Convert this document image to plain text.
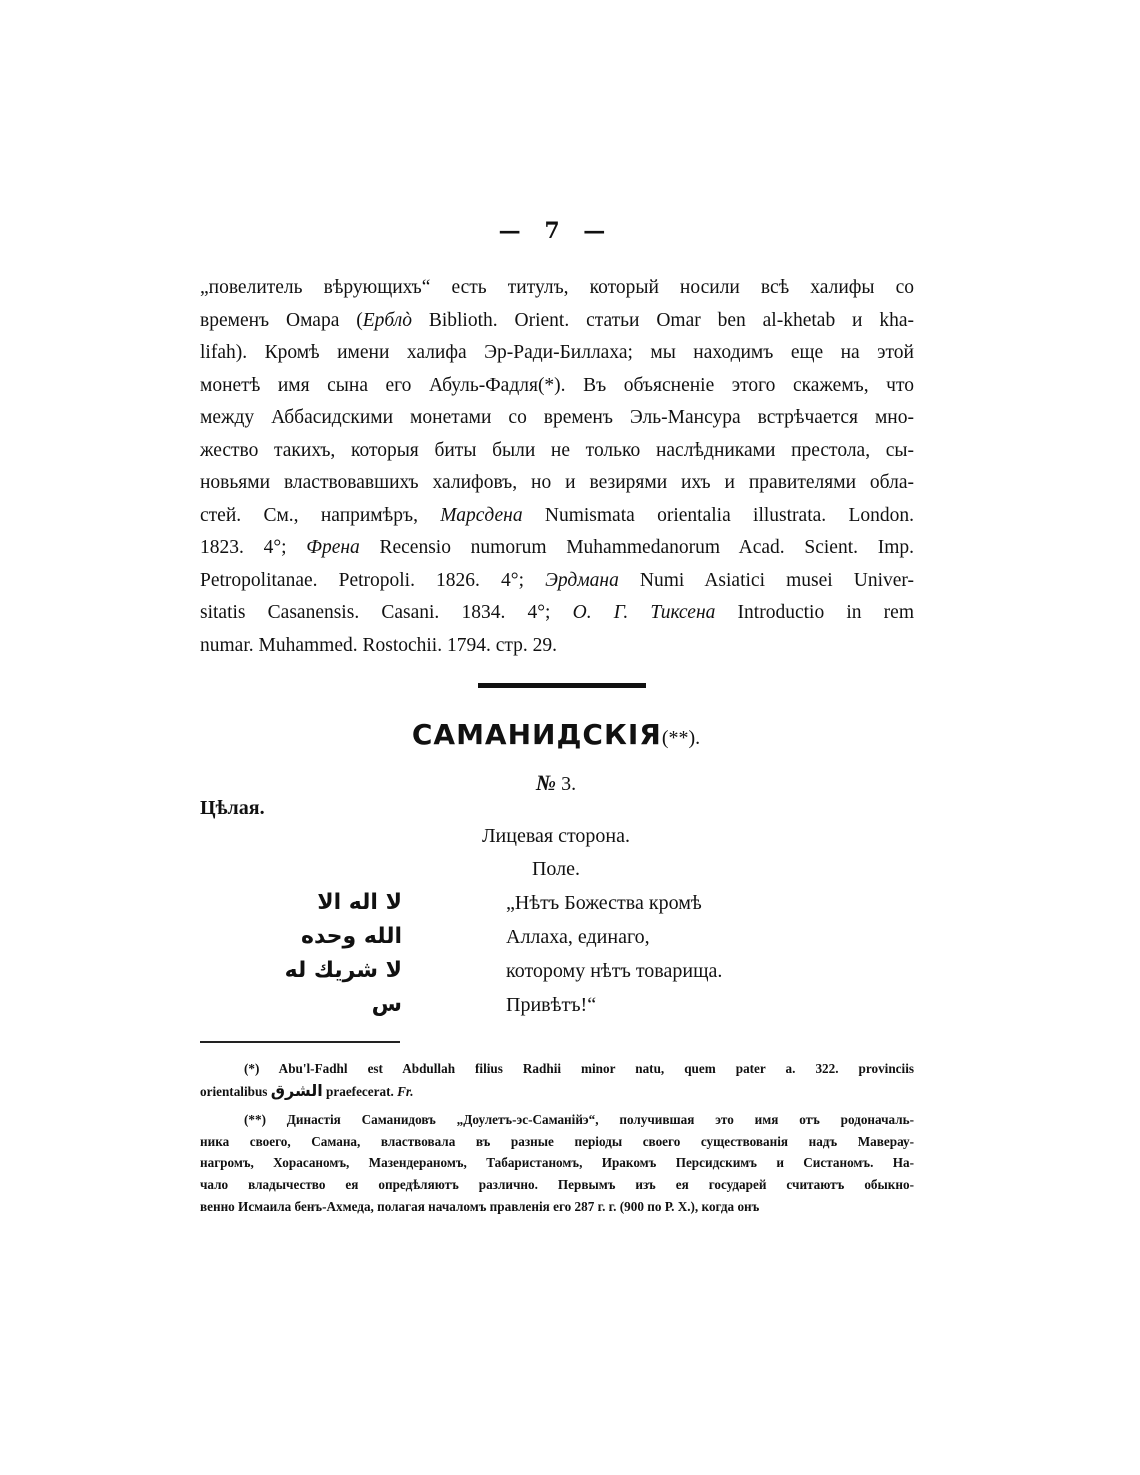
— 7 —
„повелитель вѣрующихъ“ есть титулъ, который носили всѣ халифы со
временъ Омара (Ерблò Biblioth. Orient. статьи Omar ben al-khetab и kha-
lifah). Кромѣ имени халифа Эр-Ради-Биллаха; мы находимъ еще на этой
монетѣ имя сына его Абуль-Фадля(*). Въ объясненіе этого скажемъ, что
между Аббасидскими монетами со временъ Эль-Мансура встрѣчается мно-
жество такихъ, которыя биты были не только наслѣдниками престола, сы-
новьями властвовавшихъ халифовъ, но и везирями ихъ и правителями обла-
стей. См., напримѣръ, Марсдена Numismata orientalia illustrata. London.
1823. 4°; Френа Recensio numorum Muhammedanorum Acad. Scient. Imp.
Petropolitanae. Petropoli. 1826. 4°; Эрдмана Numi Asiatici musei Univer-
sitatis Casanensis. Casani. 1834. 4°; О. Г. Тиксена Introductio in rem
numar. Muhammed. Rostochii. 1794. стр. 29.
САМАНИДСКІЯ(**).
№ 3.
Цѣлая.
Лицевая сторона.
Поле.
لا اله الا	„Нѣтъ Божества кромѣ
الله وحده	Аллаха, единаго,
لا شريك له	которому нѣтъ товарища.
س	Привѣтъ!“
(*) Abu'l-Fadhl est Abdullah filius Radhii minor natu, quem pater a. 322. provinciis
orientalibus الشرق praefecerat. Fr.
(**) Династія Саманидовъ „Доулетъ-эс-Саманійэ“, получившая это имя отъ родоначаль-
ника своего, Самана, властвовала въ разные періоды своего существованія надъ Маверау-
нагромъ, Хорасаномъ, Мазендераномъ, Табаристаномъ, Иракомъ Персидскимъ и Систаномъ. На-
чало владычество ея опредѣляютъ различно. Первымъ изъ ея государей считаютъ обыкно-
венно Исмаила бенъ-Ахмеда, полагая началомъ правленія его 287 г. г. (900 по Р. Х.), когда онъ
